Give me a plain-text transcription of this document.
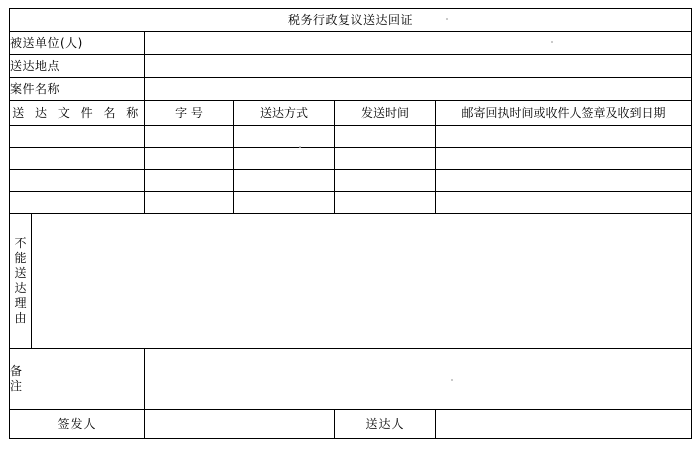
税务行政复议送达回证					
被送单位(人)					
送达地点					
案件名称					
送 达 文 件 名 称		字 号	送达方式	发送时间	邮寄回执时间或收件人签章及收到日期

不
能
送
达
理
由

备
注					

签发人				送达人	
